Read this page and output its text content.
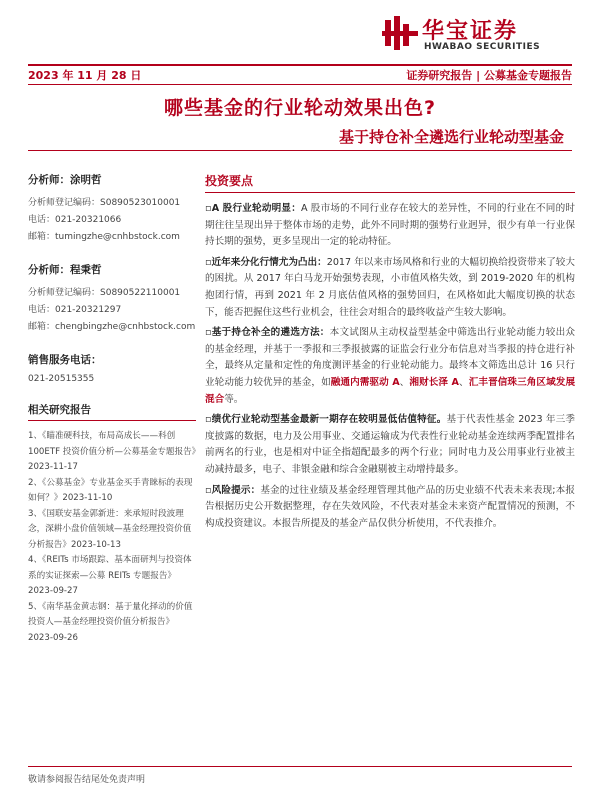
华宝证券
HWABAO SECURITIES
2023 年 11 月 28 日	证券研究报告 | 公募基金专题报告
哪些基金的行业轮动效果出色?
基于持仓补全遴选行业轮动型基金
分析师：涂明哲
分析师登记编码：S0890523010001
电话：021-20321066
邮箱：tumingzhe@cnhbstock.com
分析师：程秉哲
分析师登记编码：S0890522110001
电话：021-20321297
邮箱：chengbingzhe@cnhbstock.com
销售服务电话：
021-20515355
相关研究报告
1、《瞄准硬科技，布局高成长——科创100ETF 投资价值分析—公募基金专题报告》2023-11-17
2、《公募基金》专业基金买手青睐标的表现如何？》2023-11-10
3、《国联安基金郭新进：来承短时段波理念，深耕小盘价值领域—基金经理投资价值分析报告》2023-10-13
4、《REITs 市场跟踪、基本面研判与投资体系的实证探索—公募 REITs 专题报告》2023-09-27
5、《南华基金黄志钢：基于量化择动的价值投资人—基金经理投资价值分析报告》2023-09-26
投资要点
▫A 股行业轮动明显：A 股市场的不同行业存在较大的差异性，不同的行业在不同的时期往往呈现出异于整体市场的走势，此外不同时期的强势行业迥异，很少有单一行业保持长期的强势，更多呈现出一定的轮动特征。
▫近年来分化行情尤为凸出：2017 年以来市场风格和行业的大幅切换给投资带来了较大的困扰。从 2017 年白马龙开始强势表现，小市值风格失效，到 2019-2020 年的机构抱团行情，再到 2021 年 2 月底估值风格的强势回归，在风格如此大幅度切换的状态下，能否把握住这些行业机会，往往会对组合的最终收益产生较大影响。
▫基于持仓补全的遴选方法：本文试图从主动权益型基金中筛选出行业轮动能力较出众的基金经理，并基于一季报和三季报披露的证监会行业分布信息对当季报的持仓进行补全，最终从定量和定性的角度测评基金的行业轮动能力。最终本文筛选出总计 16 只行业轮动能力较优异的基金，如融通内需驱动 A、湘财长泽 A、汇丰晋信珠三角区域发展混合等。
▫绩优行业轮动型基金最新一期存在较明显低估值特征。基于代表性基金 2023 年三季度披露的数据，电力及公用事业、交通运输成为代表性行业轮动基金连续两季配置排名前两名的行业，也是相对中证全指超配最多的两个行业；同时电力及公用事业行业被主动减持最多，电子、非银金融和综合金融剔被主动增持最多。
▫风险提示：基金的过往业绩及基金经理管理其他产品的历史业绩不代表未来表现;本报告根据历史公开数据整理，存在失效风险，不代表对基金未来资产配置情况的预测，不构成投资建议。本报告所提及的基金产品仅供分析使用，不代表推介。
敬请参阅报告结尾处免责声明
